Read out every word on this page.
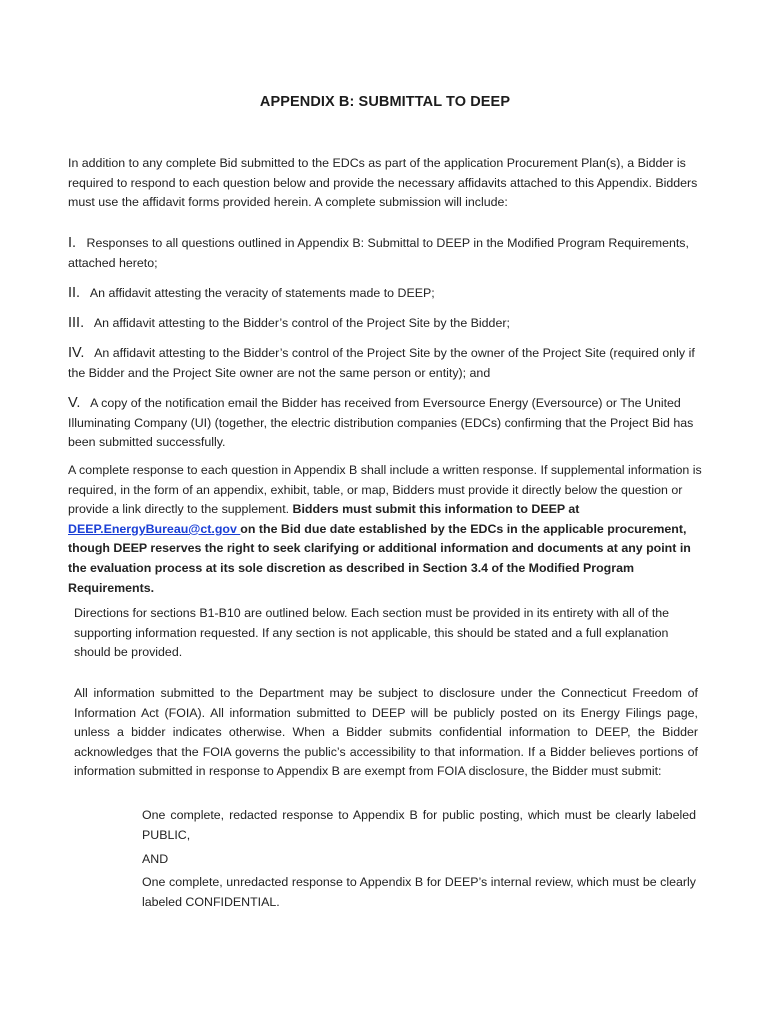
APPENDIX B: SUBMITTAL TO DEEP
In addition to any complete Bid submitted to the EDCs as part of the application Procurement Plan(s), a Bidder is required to respond to each question below and provide the necessary affidavits attached to this Appendix. Bidders must use the affidavit forms provided herein. A complete submission will include:
I. Responses to all questions outlined in Appendix B: Submittal to DEEP in the Modified Program Requirements, attached hereto;
II. An affidavit attesting the veracity of statements made to DEEP;
III. An affidavit attesting to the Bidder’s control of the Project Site by the Bidder;
IV. An affidavit attesting to the Bidder’s control of the Project Site by the owner of the Project Site (required only if the Bidder and the Project Site owner are not the same person or entity); and
V. A copy of the notification email the Bidder has received from Eversource Energy (Eversource) or The United Illuminating Company (UI) (together, the electric distribution companies (EDCs) confirming that the Project Bid has been submitted successfully.
A complete response to each question in Appendix B shall include a written response. If supplemental information is required, in the form of an appendix, exhibit, table, or map, Bidders must provide it directly below the question or provide a link directly to the supplement. Bidders must submit this information to DEEP at
DEEP.EnergyBureau@ct.gov on the Bid due date established by the EDCs in the applicable procurement, though DEEP reserves the right to seek clarifying or additional information and documents at any point in the evaluation process at its sole discretion as described in Section 3.4 of the Modified Program Requirements.
Directions for sections B1-B10 are outlined below. Each section must be provided in its entirety with all of the supporting information requested. If any section is not applicable, this should be stated and a full explanation should be provided.
All information submitted to the Department may be subject to disclosure under the Connecticut Freedom of Information Act (FOIA). All information submitted to DEEP will be publicly posted on its Energy Filings page, unless a bidder indicates otherwise. When a Bidder submits confidential information to DEEP, the Bidder acknowledges that the FOIA governs the public’s accessibility to that information. If a Bidder believes portions of information submitted in response to Appendix B are exempt from FOIA disclosure, the Bidder must submit:
One complete, redacted response to Appendix B for public posting, which must be clearly labeled PUBLIC,
AND
One complete, unredacted response to Appendix B for DEEP’s internal review, which must be clearly labeled CONFIDENTIAL.
